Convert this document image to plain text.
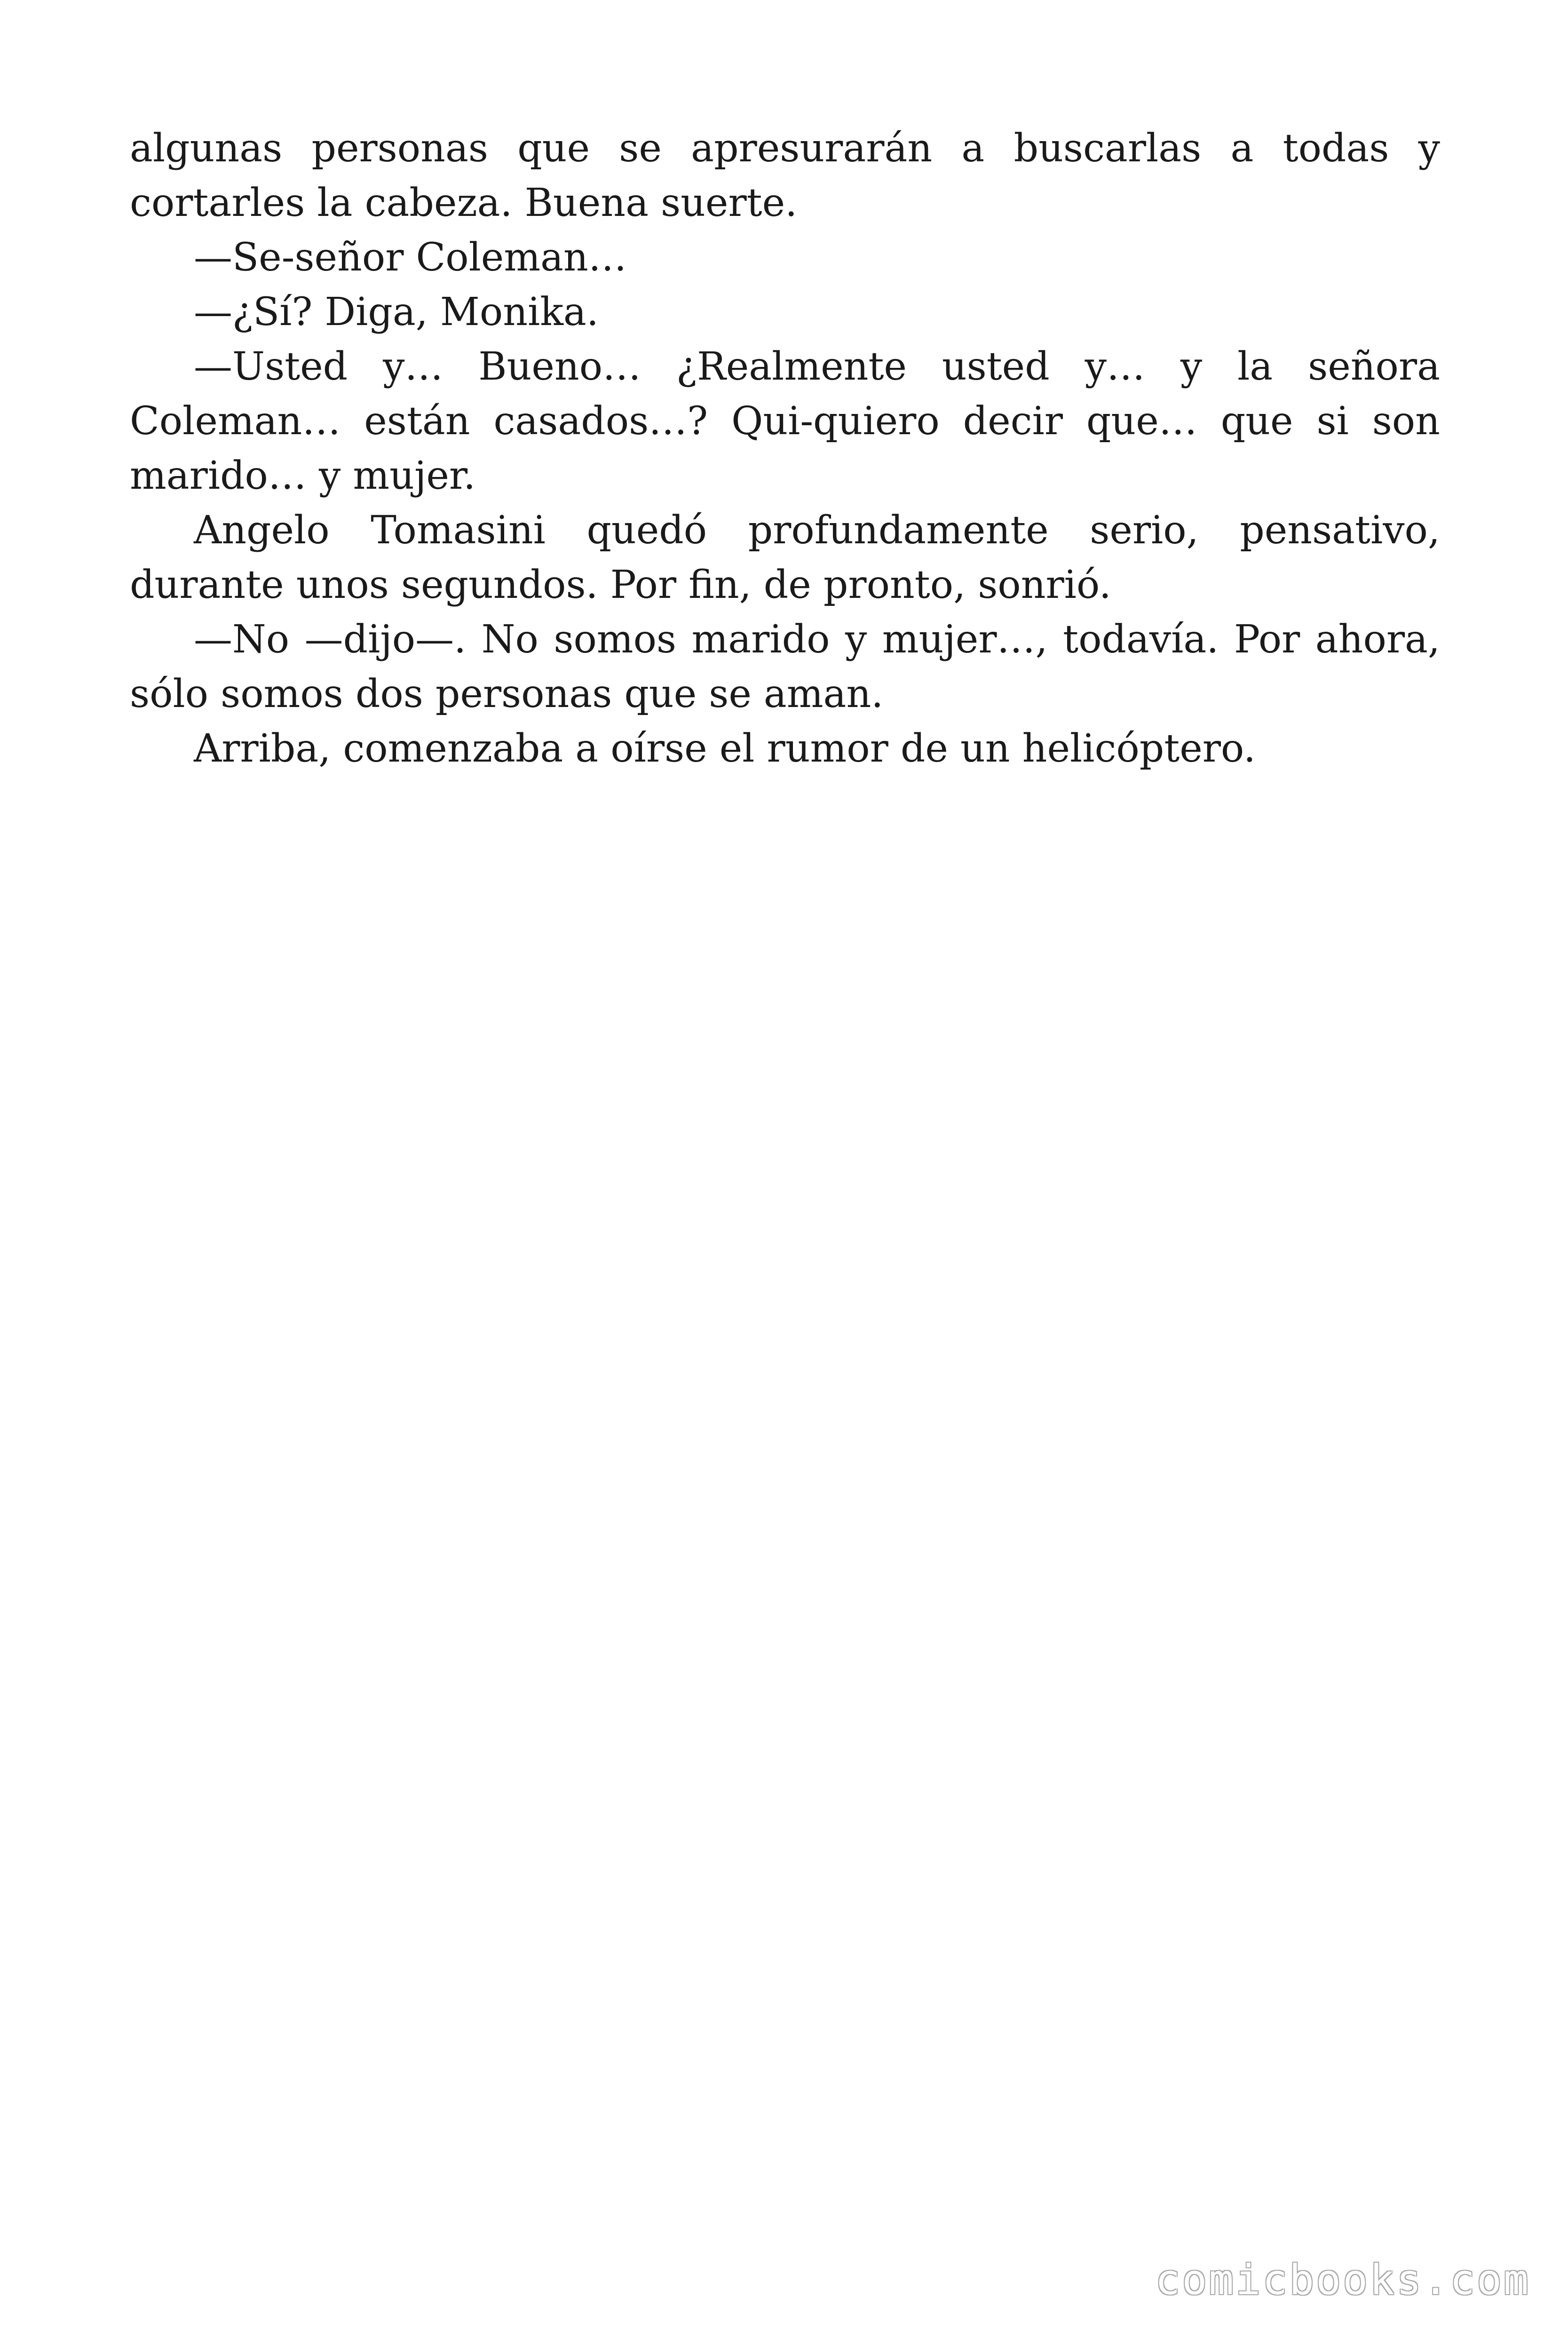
algunas personas que se apresurarán a buscarlas a todas y cortarles la cabeza. Buena suerte.

—Se-señor Coleman…

—¿Sí? Diga, Monika.

—Usted y… Bueno… ¿Realmente usted y… y la señora Coleman… están casados…? Qui-quiero decir que… que si son marido… y mujer.

Angelo Tomasini quedó profundamente serio, pensativo, durante unos segundos. Por fin, de pronto, sonrió.

—No —dijo—. No somos marido y mujer…, todavía. Por ahora, sólo somos dos personas que se aman.

Arriba, comenzaba a oírse el rumor de un helicóptero.

comicbooks.com
